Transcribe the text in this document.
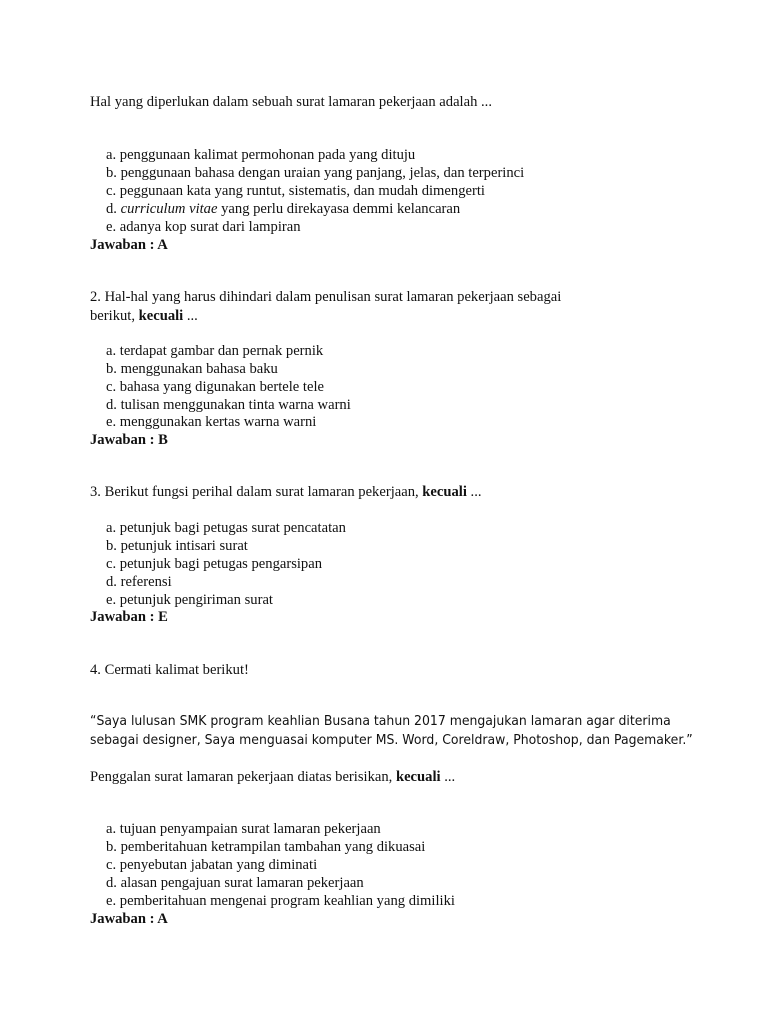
Hal yang diperlukan dalam sebuah surat lamaran pekerjaan adalah ...
a. penggunaan kalimat permohonan pada yang dituju
b. penggunaan bahasa dengan uraian yang panjang, jelas, dan terperinci
c. peggunaan kata yang runtut, sistematis, dan mudah dimengerti
d. curriculum vitae yang perlu direkayasa demmi kelancaran
e. adanya kop surat dari lampiran
Jawaban : A
2. Hal-hal yang harus dihindari dalam penulisan surat lamaran pekerjaan sebagai
berikut, kecuali ...
a. terdapat gambar dan pernak pernik
b. menggunakan bahasa baku
c. bahasa yang digunakan bertele tele
d. tulisan menggunakan tinta warna warni
e. menggunakan kertas warna warni
Jawaban : B
3. Berikut fungsi perihal dalam surat lamaran pekerjaan, kecuali ...
a. petunjuk bagi petugas surat pencatatan
b. petunjuk intisari surat
c. petunjuk bagi petugas pengarsipan
d. referensi
e. petunjuk pengiriman surat
Jawaban : E
4. Cermati kalimat berikut!
“Saya lulusan SMK program keahlian Busana tahun 2017 mengajukan lamaran agar diterima
sebagai designer, Saya menguasai komputer MS. Word, Coreldraw, Photoshop, dan Pagemaker.”
Penggalan surat lamaran pekerjaan diatas berisikan, kecuali ...
a. tujuan penyampaian surat lamaran pekerjaan
b. pemberitahuan ketrampilan tambahan yang dikuasai
c. penyebutan jabatan yang diminati
d. alasan pengajuan surat lamaran pekerjaan
e. pemberitahuan mengenai program keahlian yang dimiliki
Jawaban : A
